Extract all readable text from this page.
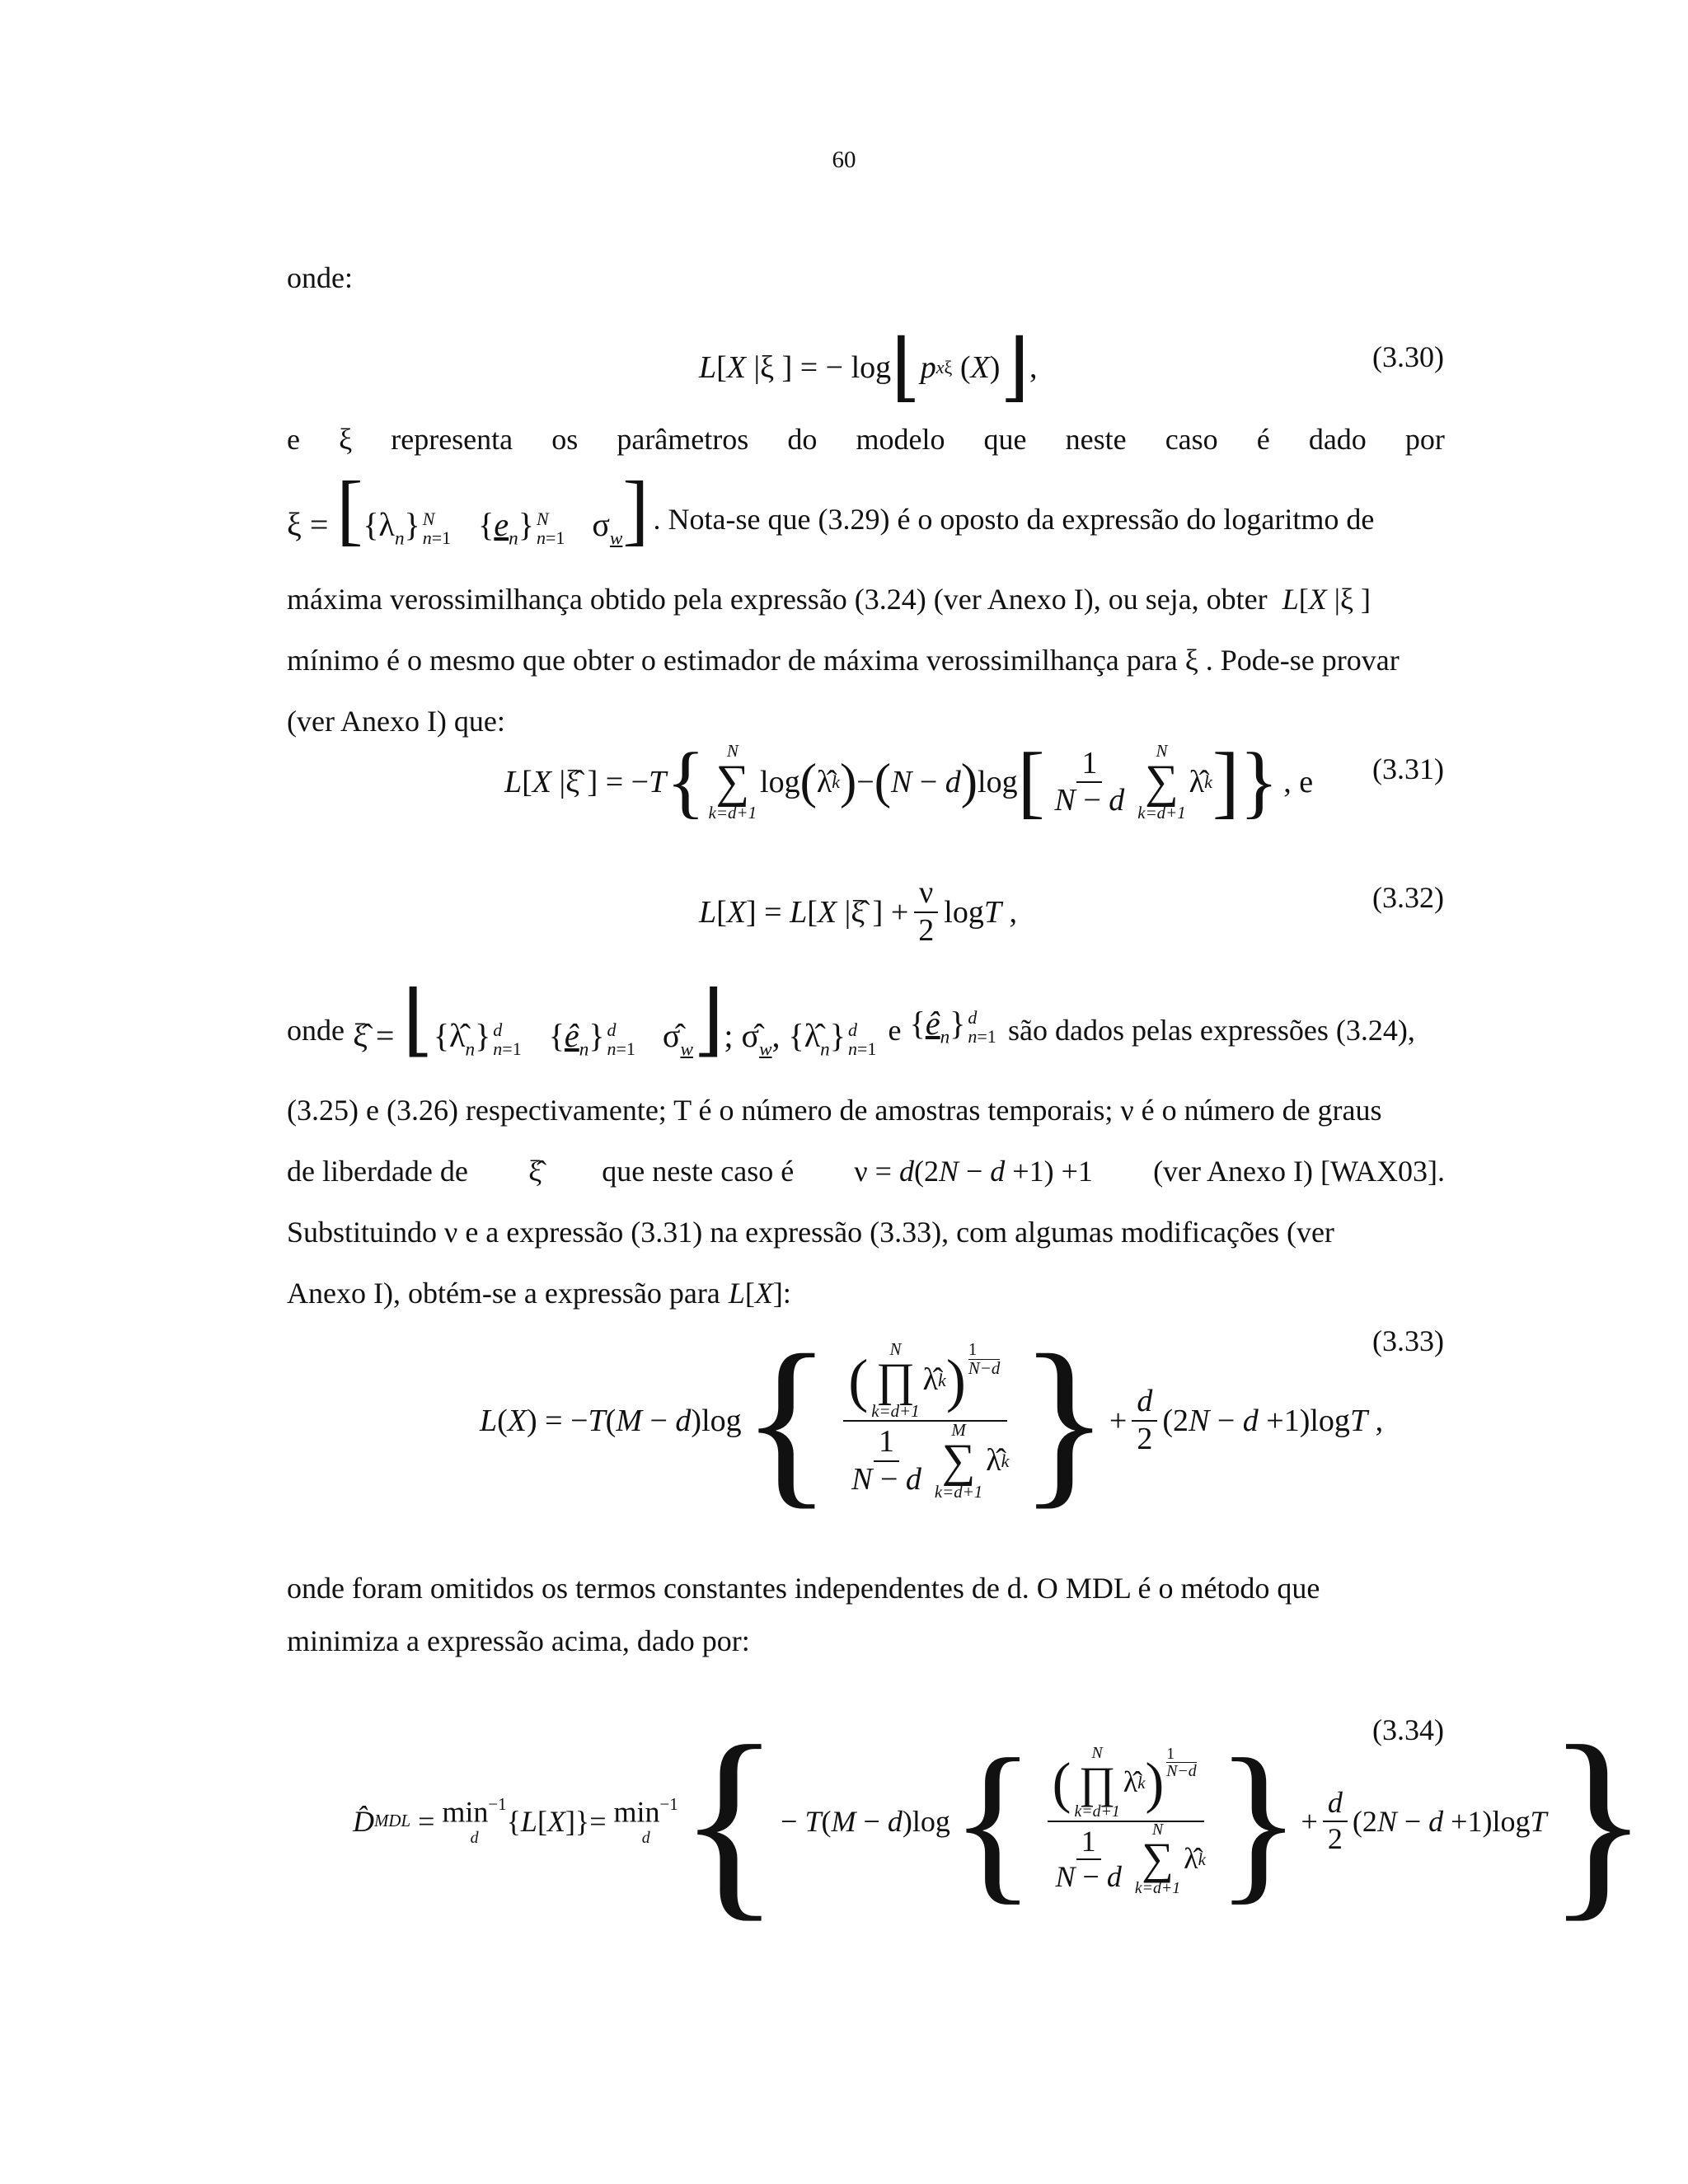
60
onde:
L [ X |ξ ] = − log ⌊ p xξ ( X ) ⌋ ,	(3.30)
e ξ representa os parâmetros do modelo que neste caso é dado por
$\xi = [\{\lambda_n\}$ N
n=1 $\{e_n\}$ N
n=1 $\sigma_w$] . Nota-se que (3.29) é o oposto da expressão do logaritmo de
máxima verossimilhança obtido pela expressão (3.24) (ver Anexo I), ou seja, obter L[X |ξ ]
mínimo é o mesmo que obter o estimador de máxima verossimilhança para ξ . Pode-se provar
(ver Anexo I) que:
L [ X |ξ̂ ] = − T { N
∑
k=d+1
log ( λ̂ k ) − ( N − d ) log [ $\frac{1}{N - d}$ N
∑
k=d+1
λ̂ k ] } , e (3.31)
L [ X ] = L [ X |ξ̂ ] + $\frac{\nu}{2}$ log T ,	(3.32)
onde ξ̂ = $⌊\{\lambdâ_n\}$ d
n=1 $\{ê_n\}$ d
n=1 $\sigmâ_w⌋$; $\sigmâ_w$, $\{\lambdâ_n\}$ d
n=1
e $\{ê_n\}$ d
n=1 são dados pelas expressões (3.24),
(3.25) e (3.26) respectivamente; T é o número de amostras temporais; ν é o número de graus
de liberdade de ξ̂ que neste caso é ν = d(2N − d +1) +1 (ver Anexo I) [WAX03].
Substituindo ν e a expressão (3.31) na expressão (3.33), com algumas modificações (ver
Anexo I), obtém-se a expressão para L[X]:
L ( X ) = − T ( M − d )log { ( N
∏
k=d+1
λ̂ k ) 1
N−d
$\frac{1}{N - d}$ M
∑
k=d+1
λ̂ k } + $\frac{d}{2} (2$ N − d +1)log T ,
(3.33)
onde foram omitidos os termos constantes independentes de d. O MDL é o método que
minimiza a expressão acima, dado por:
D̂ MDL = $\min^{-1}$
d
{ L [ X ]}= $\min^{-1}$
d { − T ( M − d )log { ( N
∏
k=d+1
λ̂ k ) 1
N−d
$\frac{1}{N - d}$ N
∑
k=d+1
λ̂ k } + $\frac{d}{2} (2$ N − d +1)log T }
(3.34)
